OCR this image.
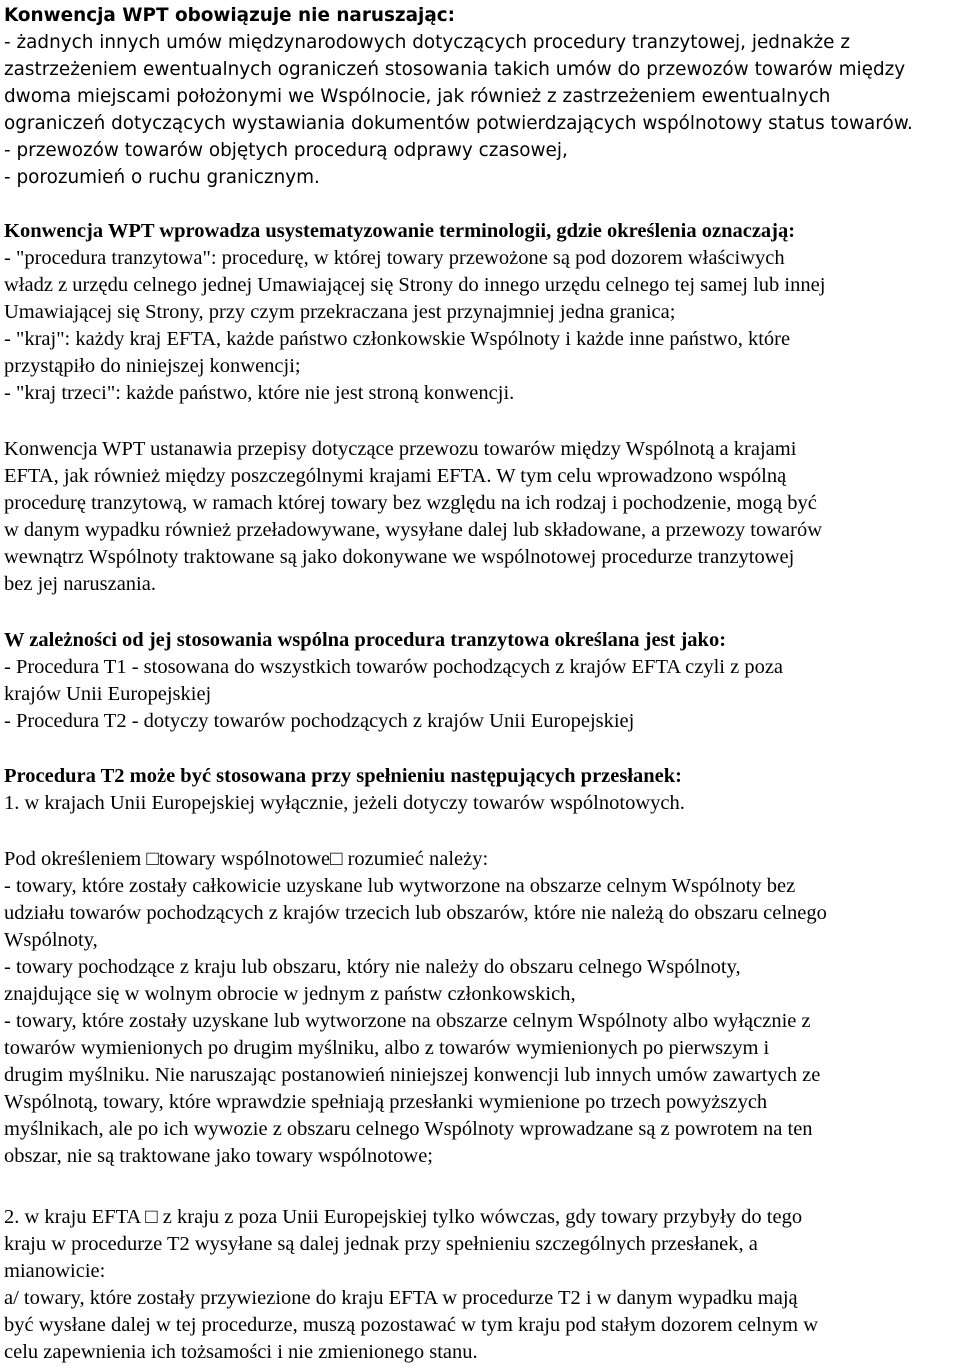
Konwencja WPT obowiązuje nie naruszając:
- żadnych innych umów międzynarodowych dotyczących procedury tranzytowej, jednakże z
zastrzeżeniem ewentualnych ograniczeń stosowania takich umów do przewozów towarów między
dwoma miejscami położonymi we Wspólnocie, jak również z zastrzeżeniem ewentualnych
ograniczeń dotyczących wystawiania dokumentów potwierdzających wspólnotowy status towarów.
- przewozów towarów objętych procedurą odprawy czasowej,
- porozumień o ruchu granicznym.
Konwencja WPT wprowadza usystematyzowanie terminologii, gdzie określenia oznaczają:
- "procedura tranzytowa": procedurę, w której towary przewożone są pod dozorem właściwych
władz z urzędu celnego jednej Umawiającej się Strony do innego urzędu celnego tej samej lub innej
Umawiającej się Strony, przy czym przekraczana jest przynajmniej jedna granica;
- "kraj": każdy kraj EFTA, każde państwo członkowskie Wspólnoty i każde inne państwo, które
przystąpiło do niniejszej konwencji;
- "kraj trzeci": każde państwo, które nie jest stroną konwencji.
Konwencja WPT ustanawia przepisy dotyczące przewozu towarów między Wspólnotą a krajami
EFTA, jak również między poszczególnymi krajami EFTA. W tym celu wprowadzono wspólną
procedurę tranzytową, w ramach której towary bez względu na ich rodzaj i pochodzenie, mogą być
w danym wypadku również przeładowywane, wysyłane dalej lub składowane, a przewozy towarów
wewnątrz Wspólnoty traktowane są jako dokonywane we wspólnotowej procedurze tranzytowej
bez jej naruszania.
W zależności od jej stosowania wspólna procedura tranzytowa określana jest jako:
- Procedura T1 - stosowana do wszystkich towarów pochodzących z krajów EFTA czyli z poza
krajów Unii Europejskiej
- Procedura T2 - dotyczy towarów pochodzących z krajów Unii Europejskiej
Procedura T2 może być stosowana przy spełnieniu następujących przesłanek:
1. w krajach Unii Europejskiej wyłącznie, jeżeli dotyczy towarów wspólnotowych.
Pod określeniem □towary wspólnotowe□ rozumieć należy:
- towary, które zostały całkowicie uzyskane lub wytworzone na obszarze celnym Wspólnoty bez
udziału towarów pochodzących z krajów trzecich lub obszarów, które nie należą do obszaru celnego
Wspólnoty,
- towary pochodzące z kraju lub obszaru, który nie należy do obszaru celnego Wspólnoty,
znajdujące się w wolnym obrocie w jednym z państw członkowskich,
- towary, które zostały uzyskane lub wytworzone na obszarze celnym Wspólnoty albo wyłącznie z
towarów wymienionych po drugim myślniku, albo z towarów wymienionych po pierwszym i
drugim myślniku. Nie naruszając postanowień niniejszej konwencji lub innych umów zawartych ze
Wspólnotą, towary, które wprawdzie spełniają przesłanki wymienione po trzech powyższych
myślnikach, ale po ich wywozie z obszaru celnego Wspólnoty wprowadzane są z powrotem na ten
obszar, nie są traktowane jako towary wspólnotowe;
2. w kraju EFTA □ z kraju z poza Unii Europejskiej tylko wówczas, gdy towary przybyły do tego
kraju w procedurze T2 wysyłane są dalej jednak przy spełnieniu szczególnych przesłanek, a
mianowicie:
a/ towary, które zostały przywiezione do kraju EFTA w procedurze T2 i w danym wypadku mają
być wysłane dalej w tej procedurze, muszą pozostawać w tym kraju pod stałym dozorem celnym w
celu zapewnienia ich tożsamości i nie zmienionego stanu.
